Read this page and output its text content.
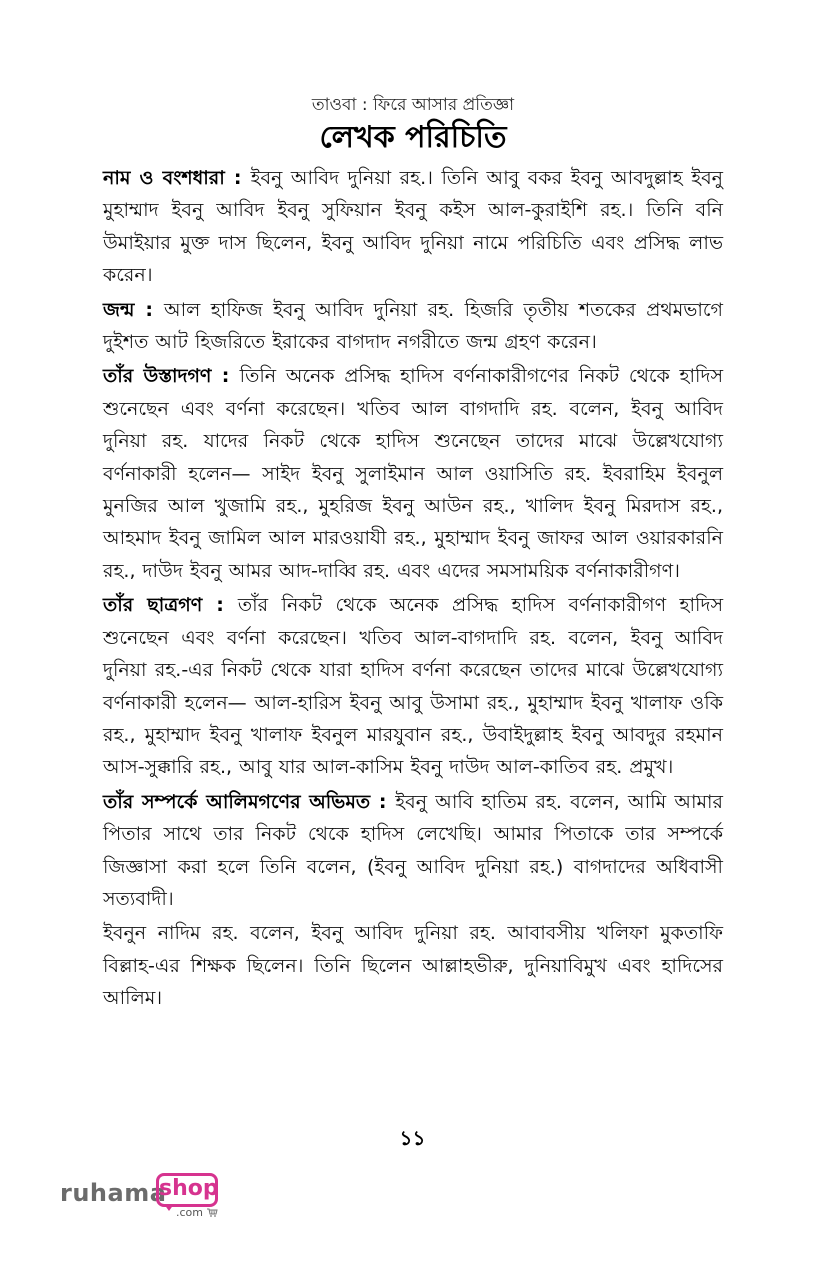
তাওবা : ফিরে আসার প্রতিজ্ঞা

লেখক পরিচিতি

নাম ও বংশধারা : ইবনু আবিদ দুনিয়া রহ.। তিনি আবু বকর ইবনু আবদুল্লাহ ইবনু মুহাম্মাদ ইবনু আবিদ ইবনু সুফিয়ান ইবনু কইস আল-কুরাইশি রহ.। তিনি বনি উমাইয়ার মুক্ত দাস ছিলেন, ইবনু আবিদ দুনিয়া নামে পরিচিতি এবং প্রসিদ্ধ লাভ করেন।

জন্ম : আল হাফিজ ইবনু আবিদ দুনিয়া রহ. হিজরি তৃতীয় শতকের প্রথমভাগে দুইশত আট হিজরিতে ইরাকের বাগদাদ নগরীতে জন্ম গ্রহণ করেন।

তাঁর উস্তাদগণ : তিনি অনেক প্রসিদ্ধ হাদিস বর্ণনাকারীগণের নিকট থেকে হাদিস শুনেছেন এবং বর্ণনা করেছেন। খতিব আল বাগদাদি রহ. বলেন, ইবনু আবিদ দুনিয়া রহ. যাদের নিকট থেকে হাদিস শুনেছেন তাদের মাঝে উল্লেখযোগ্য বর্ণনাকারী হলেন— সাইদ ইবনু সুলাইমান আল ওয়াসিতি রহ. ইবরাহিম ইবনুল মুনজির আল খুজামি রহ., মুহরিজ ইবনু আউন রহ., খালিদ ইবনু মিরদাস রহ., আহমাদ ইবনু জামিল আল মারওয়াযী রহ., মুহাম্মাদ ইবনু জাফর আল ওয়ারকারনি রহ., দাউদ ইবনু আমর আদ-দাব্বি রহ. এবং এদের সমসাময়িক বর্ণনাকারীগণ।

তাঁর ছাত্রগণ : তাঁর নিকট থেকে অনেক প্রসিদ্ধ হাদিস বর্ণনাকারীগণ হাদিস শুনেছেন এবং বর্ণনা করেছেন। খতিব আল-বাগদাদি রহ. বলেন, ইবনু আবিদ দুনিয়া রহ.-এর নিকট থেকে যারা হাদিস বর্ণনা করেছেন তাদের মাঝে উল্লেখযোগ্য বর্ণনাকারী হলেন— আল-হারিস ইবনু আবু উসামা রহ., মুহাম্মাদ ইবনু খালাফ ওকি রহ., মুহাম্মাদ ইবনু খালাফ ইবনুল মারযুবান রহ., উবাইদুল্লাহ ইবনু আবদুর রহমান আস-সুক্কারি রহ., আবু যার আল-কাসিম ইবনু দাউদ আল-কাতিব রহ. প্রমুখ।

তাঁর সম্পর্কে আলিমগণের অভিমত : ইবনু আবি হাতিম রহ. বলেন, আমি আমার পিতার সাথে তার নিকট থেকে হাদিস লেখেছি। আমার পিতাকে তার সম্পর্কে জিজ্ঞাসা করা হলে তিনি বলেন, (ইবনু আবিদ দুনিয়া রহ.) বাগদাদের অধিবাসী সত্যবাদী।

ইবনুন নাদিম রহ. বলেন, ইবনু আবিদ দুনিয়া রহ. আবাবসীয় খলিফা মুকতাফি বিল্লাহ-এর শিক্ষক ছিলেন। তিনি ছিলেন আল্লাহভীরু, দুনিয়াবিমুখ এবং হাদিসের আলিম।

১১
ruhama
shop
.com
